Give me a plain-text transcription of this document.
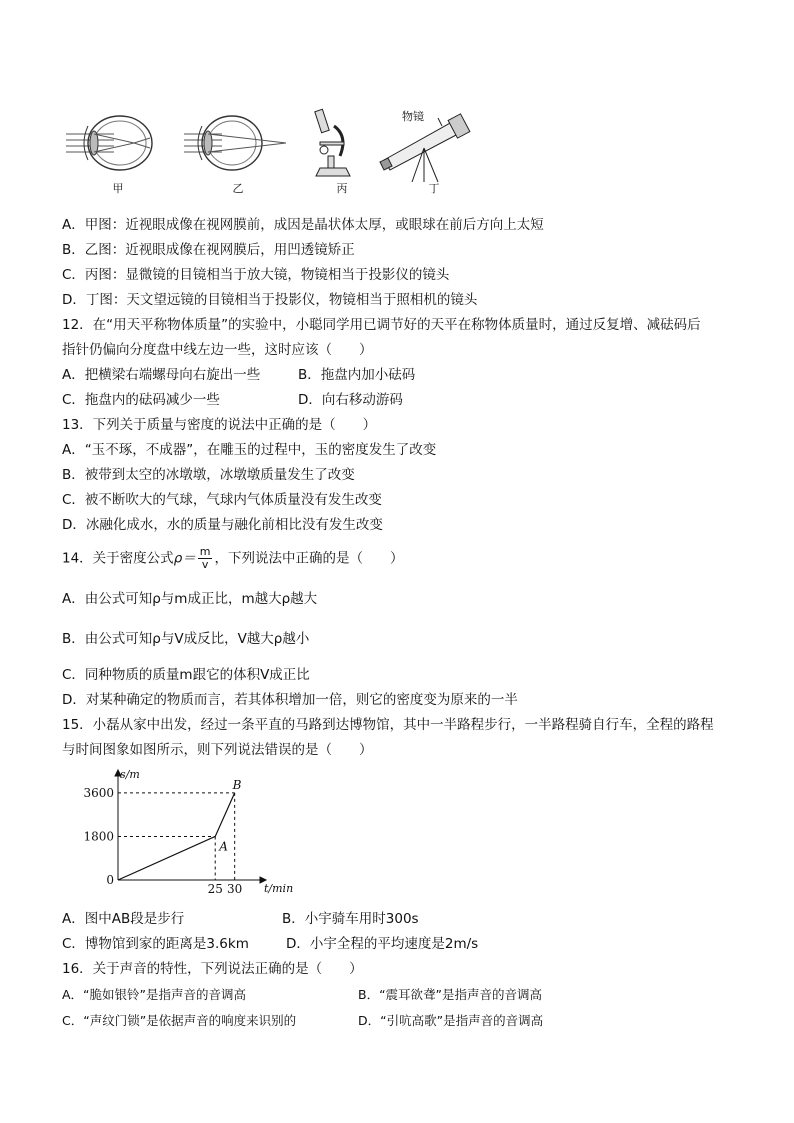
甲	乙	丙
物镜
丁
A．甲图：近视眼成像在视网膜前，成因是晶状体太厚，或眼球在前后方向上太短
B．乙图：近视眼成像在视网膜后，用凹透镜矫正
C．丙图：显微镜的目镜相当于放大镜，物镜相当于投影仪的镜头
D．丁图：天文望远镜的目镜相当于投影仪，物镜相当于照相机的镜头
12．在“用天平称物体质量”的实验中，小聪同学用已调节好的天平在称物体质量时，通过反复增、减砝码后
指针仍偏向分度盘中线左边一些，这时应该（　　）
A．把横梁右端螺母向右旋出一些	B．拖盘内加小砝码
C．拖盘内的砝码减少一些	D．向右移动游码
13．下列关于质量与密度的说法中正确的是（　　）
A．“玉不琢，不成器”，在雕玉的过程中，玉的密度发生了改变
B．被带到太空的冰墩墩，冰墩墩质量发生了改变
C．被不断吹大的气球，气球内气体质量没有发生改变
D．冰融化成水，水的质量与融化前相比没有发生改变
14．关于密度公式$\rho= \frac{m}{v}$ ，下列说法中正确的是（　　）
A．由公式可知ρ与m成正比，m越大ρ越大
B．由公式可知ρ与V成反比，V越大ρ越小
C．同种物质的质量m跟它的体积V成正比
D．对某种确定的物质而言，若其体积增加一倍，则它的密度变为原来的一半
15．小磊从家中出发，经过一条平直的马路到达博物馆，其中一半路程步行，一半路程骑自行车，全程的路程
与时间图象如图所示，则下列说法错误的是（　　）
25
1800
A
30
3600
B
0
t/min
s/m
A．图中AB段是步行	B．小宇骑车用时300s
C．博物馆到家的距离是3.6km	D．小宇全程的平均速度是2m/s
16．关于声音的特性，下列说法正确的是（　　）
A．“脆如银铃”是指声音的音调高	B．“震耳欲聋”是指声音的音调高
C．“声纹门锁”是依据声音的响度来识别的	D．“引吭高歌”是指声音的音调高
